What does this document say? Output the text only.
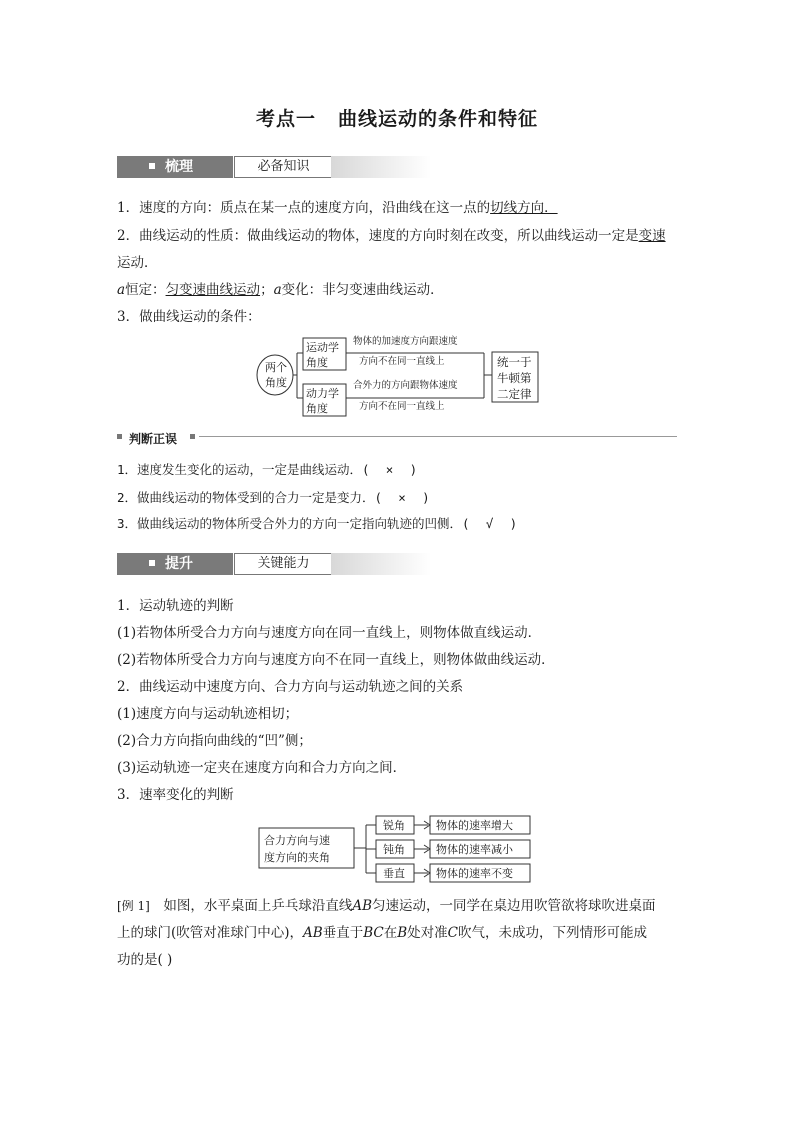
考点一 曲线运动的条件和特征
梳理	必备知识
1．速度的方向：质点在某一点的速度方向，沿曲线在这一点的切线方向．
2．曲线运动的性质：做曲线运动的物体，速度的方向时刻在改变，所以曲线运动一定是变速
运动．
a恒定：匀变速曲线运动；a变化：非匀变速曲线运动．
3．做曲线运动的条件：
两个
角度
运动学
角度
动力学
角度
物体的加速度方向跟速度
方向不在同一直线上
合外力的方向跟物体速度
方向不在同一直线上
统一于
牛顿第
二定律
判断正误
1．速度发生变化的运动，一定是曲线运动．( × )
2．做曲线运动的物体受到的合力一定是变力．( × )
3．做曲线运动的物体所受合外力的方向一定指向轨迹的凹侧．( √ )
提升	关键能力
1．运动轨迹的判断
(1)若物体所受合力方向与速度方向在同一直线上，则物体做直线运动．
(2)若物体所受合力方向与速度方向不在同一直线上，则物体做曲线运动．
2．曲线运动中速度方向、合力方向与运动轨迹之间的关系
(1)速度方向与运动轨迹相切；
(2)合力方向指向曲线的“凹”侧；
(3)运动轨迹一定夹在速度方向和合力方向之间．
3．速率变化的判断
合力方向与速
度方向的夹角
锐角
钝角
垂直
物体的速率增大
物体的速率减小
物体的速率不变
[例 1]　 如图，水平桌面上乒乓球沿直线AB匀速运动，一同学在桌边用吹管欲将球吹进桌面
上的球门(吹管对准球门中心)，AB垂直于BC在B处对准C吹气，未成功，下列情形可能成
功的是( )
